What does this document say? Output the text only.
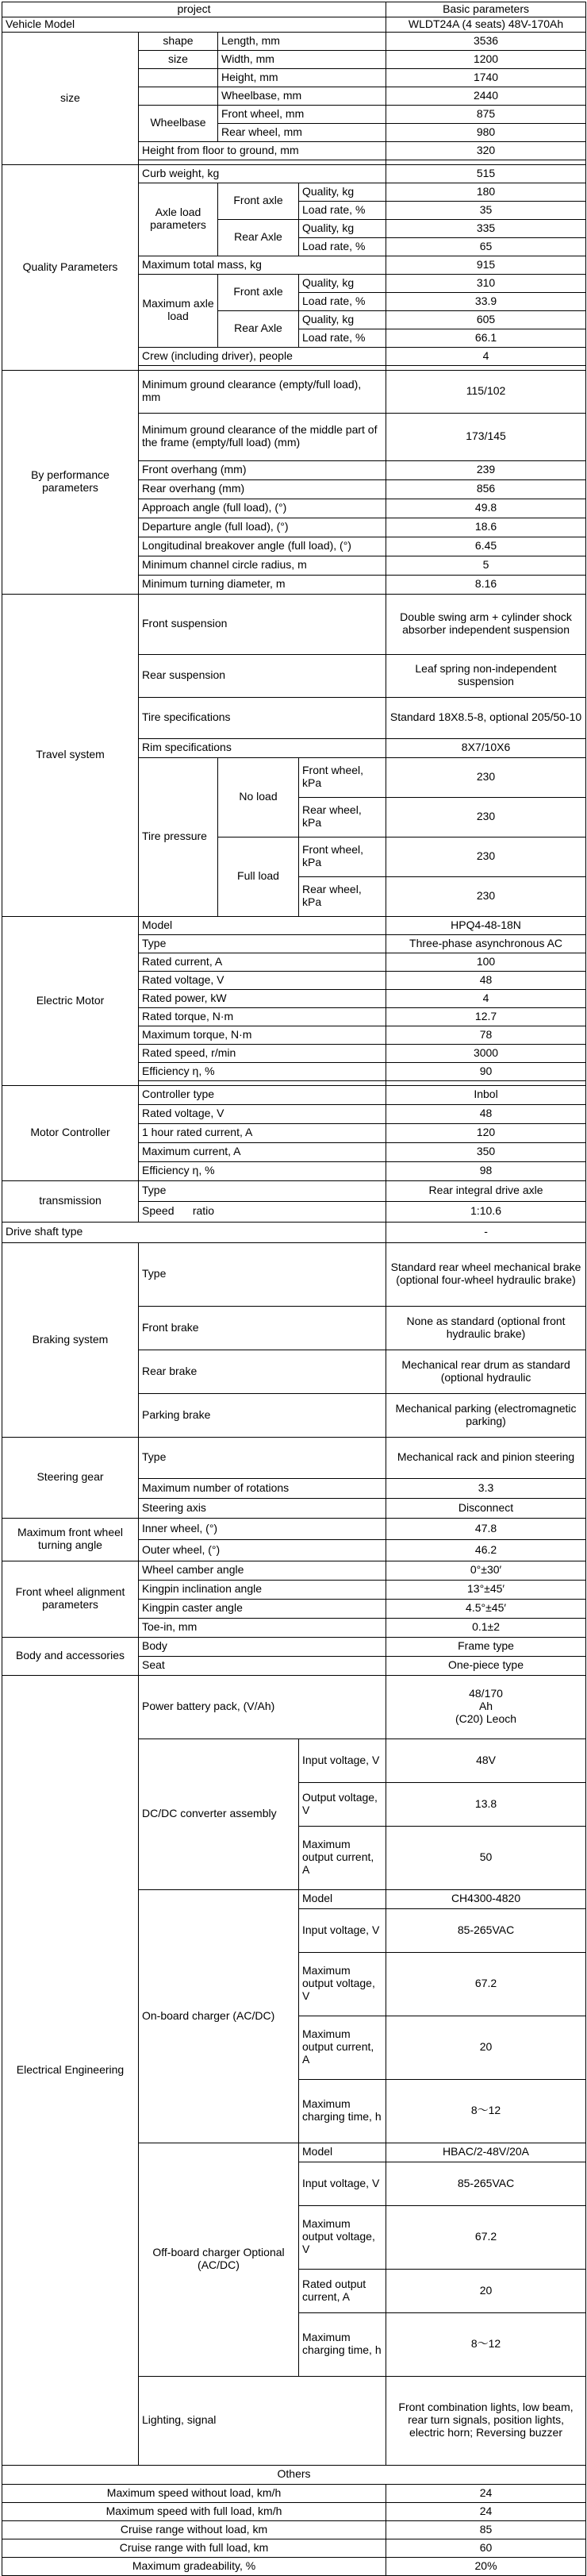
project				Basic parameters
Vehicle Model				WLDT24A (4 seats) 48V-170Ah
size	shape	Length, mm		3536
	size	Width, mm		1200
		Height, mm		1740
		Wheelbase, mm		2440
	Wheelbase	Front wheel, mm		875
		Rear wheel, mm		980
	Height from floor to ground, mm			320

Quality Parameters	Curb weight, kg			515
	Axle load parameters	Front axle	Quality, kg	180
			Load rate, %	35
		Rear Axle	Quality, kg	335
			Load rate, %	65
	Maximum total mass, kg			915
	Maximum axle load	Front axle	Quality, kg	310
			Load rate, %	33.9
		Rear Axle	Quality, kg	605
			Load rate, %	66.1
	Crew (including driver), people			4

By performance parameters	Minimum ground clearance (empty/full load), mm			115/102
	Minimum ground clearance of the middle part of the frame (empty/full load) (mm)			173/145
	Front overhang (mm)			239
	Rear overhang (mm)			856
	Approach angle (full load), (°)			49.8
	Departure angle (full load), (°)			18.6
	Longitudinal breakover angle (full load), (°)			6.45
	Minimum channel circle radius, m			5
	Minimum turning diameter, m			8.16
Travel system	Front suspension			Double swing arm + cylinder shock absorber independent suspension
	Rear suspension			Leaf spring non-independent suspension
	Tire specifications			Standard 18X8.5-8, optional 205/50-10
	Rim specifications			8X7/10X6
	Tire pressure	No load	Front wheel, kPa	230
			Rear wheel, kPa	230
		Full load	Front wheel, kPa	230
			Rear wheel, kPa	230
Electric Motor	Model			HPQ4-48-18N
	Type			Three-phase asynchronous AC
	Rated current, A			100
	Rated voltage, V			48
	Rated power, kW			4
	Rated torque, N·m			12.7
	Maximum torque, N·m			78
	Rated speed, r/min			3000
	Efficiency η, %			90

Motor Controller	Controller type			Inbol
	Rated voltage, V			48
	1 hour rated current, A			120
	Maximum current, A			350
	Efficiency η, %			98
transmission	Type			Rear integral drive axle
	Speed      ratio			1:10.6
Drive shaft type				-
Braking system	Type			Standard rear wheel mechanical brake (optional four-wheel hydraulic brake)
	Front brake			None as standard (optional front hydraulic brake)
	Rear brake			Mechanical rear drum as standard (optional hydraulic
	Parking brake			Mechanical parking (electromagnetic parking)
Steering gear	Type			Mechanical rack and pinion steering
	Maximum number of rotations			3.3
	Steering axis			Disconnect
Maximum front wheel turning angle	Inner wheel, (°)			47.8
	Outer wheel, (°)			46.2
Front wheel alignment parameters	Wheel camber angle			0°±30′
	Kingpin inclination angle			13°±45′
	Kingpin caster angle			4.5°±45′
	Toe-in, mm			0.1±2
Body and accessories	Body			Frame type
	Seat			One-piece type
Electrical Engineering	Power battery pack, (V/Ah)			48/170
Ah
(C20) Leoch
	DC/DC converter assembly		Input voltage, V	48V
			Output voltage, V	13.8
			Maximum output current, A	50
	On-board charger (AC/DC)		Model	CH4300-4820
			Input voltage, V	85-265VAC
			Maximum output voltage, V	67.2
			Maximum output current, A	20
			Maximum charging time, h	8～12
	Off-board charger Optional (AC/DC)		Model	HBAC/2-48V/20A
			Input voltage, V	85-265VAC
			Maximum output voltage, V	67.2
			Rated output current, A	20
			Maximum charging time, h	8～12
	Lighting, signal			Front combination lights, low beam, rear turn signals, position lights, electric horn; Reversing buzzer
Others				
Maximum speed without load, km/h				24
Maximum speed with full load, km/h				24
Cruise range without load, km				85
Cruise range with full load, km				60
Maximum gradeability, %				20%
